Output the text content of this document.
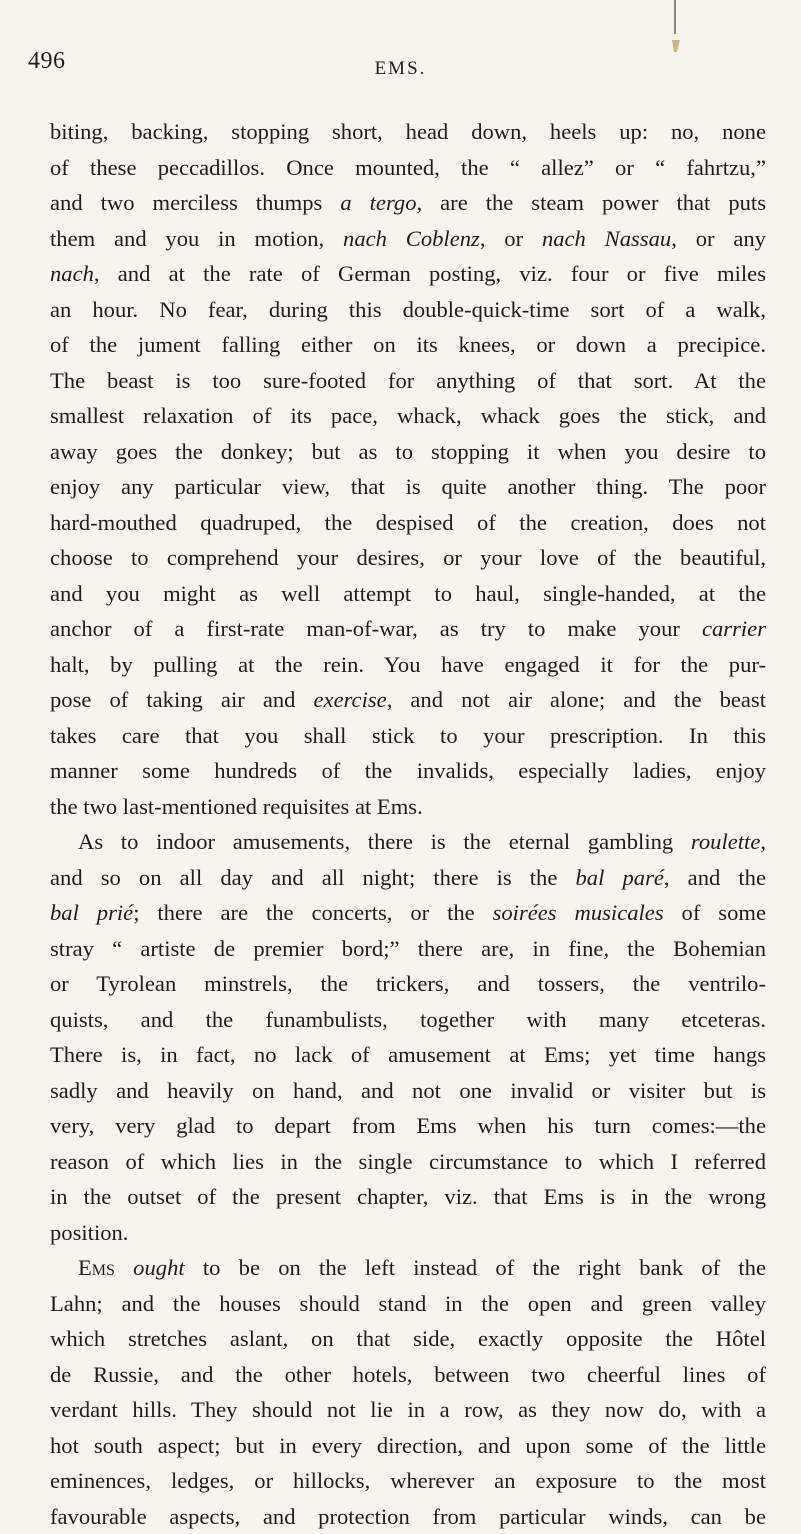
496	EMS.
biting, backing, stopping short, head down, heels up: no, none
of these peccadillos. Once mounted, the “ allez” or “ fahrtzu,”
and two merciless thumps a tergo, are the steam power that puts
them and you in motion, nach Coblenz, or nach Nassau, or any
nach, and at the rate of German posting, viz. four or five miles
an hour. No fear, during this double-quick-time sort of a walk,
of the jument falling either on its knees, or down a precipice.
The beast is too sure-footed for anything of that sort. At the
smallest relaxation of its pace, whack, whack goes the stick, and
away goes the donkey; but as to stopping it when you desire to
enjoy any particular view, that is quite another thing. The poor
hard-mouthed quadruped, the despised of the creation, does not
choose to comprehend your desires, or your love of the beautiful,
and you might as well attempt to haul, single-handed, at the
anchor of a first-rate man-of-war, as try to make your carrier
halt, by pulling at the rein. You have engaged it for the pur-
pose of taking air and exercise, and not air alone; and the beast
takes care that you shall stick to your prescription. In this
manner some hundreds of the invalids, especially ladies, enjoy
the two last-mentioned requisites at Ems.
As to indoor amusements, there is the eternal gambling roulette,
and so on all day and all night; there is the bal paré, and the
bal prié; there are the concerts, or the soirées musicales of some
stray “ artiste de premier bord;” there are, in fine, the Bohemian
or Tyrolean minstrels, the trickers, and tossers, the ventrilo-
quists, and the funambulists, together with many etceteras.
There is, in fact, no lack of amusement at Ems; yet time hangs
sadly and heavily on hand, and not one invalid or visiter but is
very, very glad to depart from Ems when his turn comes:—the
reason of which lies in the single circumstance to which I referred
in the outset of the present chapter, viz. that Ems is in the wrong
position.
Ems ought to be on the left instead of the right bank of the
Lahn; and the houses should stand in the open and green valley
which stretches aslant, on that side, exactly opposite the Hôtel
de Russie, and the other hotels, between two cheerful lines of
verdant hills. They should not lie in a row, as they now do, with a
hot south aspect; but in every direction, and upon some of the little
eminences, ledges, or hillocks, wherever an exposure to the most
favourable aspects, and protection from particular winds, can be
